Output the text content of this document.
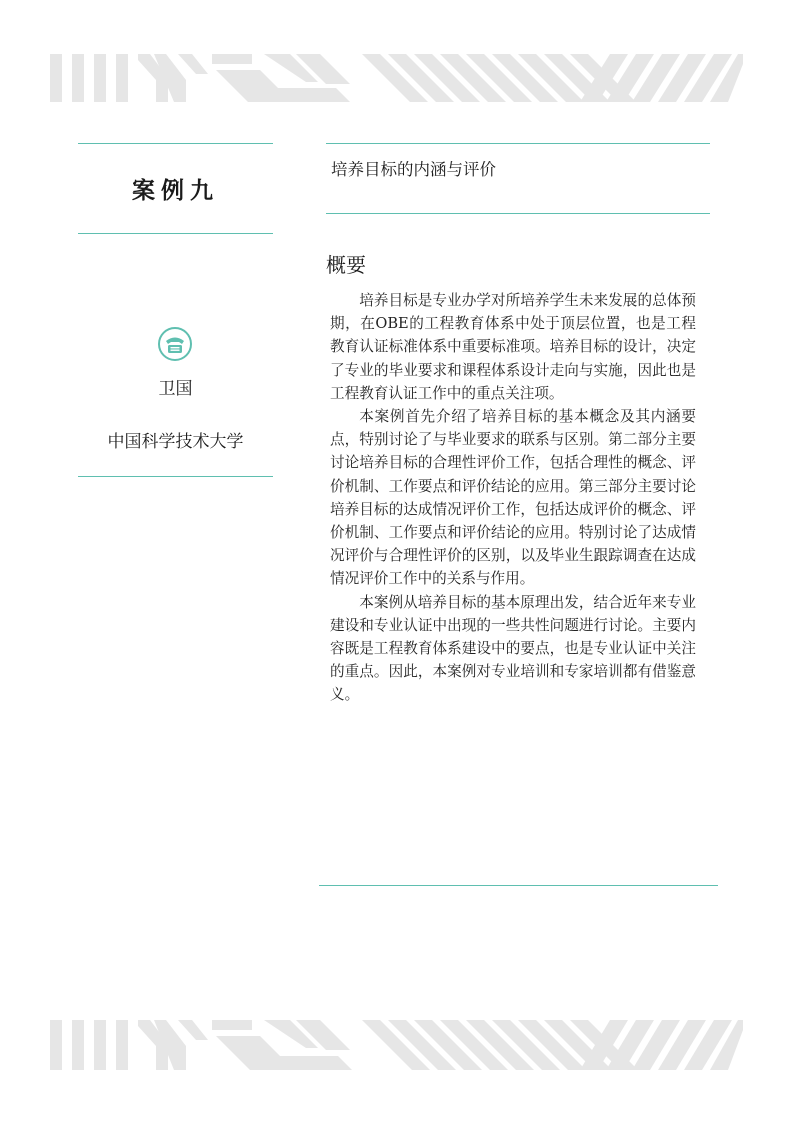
案例九
卫国
中国科学技术大学
培养目标的内涵与评价
概要

培养目标是专业办学对所培养学生未来发展的总体预期，在OBE的工程教育体系中处于顶层位置，也是工程教育认证标准体系中重要标准项。培养目标的设计，决定了专业的毕业要求和课程体系设计走向与实施，因此也是工程教育认证工作中的重点关注项。

本案例首先介绍了培养目标的基本概念及其内涵要点，特别讨论了与毕业要求的联系与区别。第二部分主要讨论培养目标的合理性评价工作，包括合理性的概念、评价机制、工作要点和评价结论的应用。第三部分主要讨论培养目标的达成情况评价工作，包括达成评价的概念、评价机制、工作要点和评价结论的应用。特别讨论了达成情况评价与合理性评价的区别，以及毕业生跟踪调查在达成情况评价工作中的关系与作用。

本案例从培养目标的基本原理出发，结合近年来专业建设和专业认证中出现的一些共性问题进行讨论。主要内容既是工程教育体系建设中的要点，也是专业认证中关注的重点。因此，本案例对专业培训和专家培训都有借鉴意义。
